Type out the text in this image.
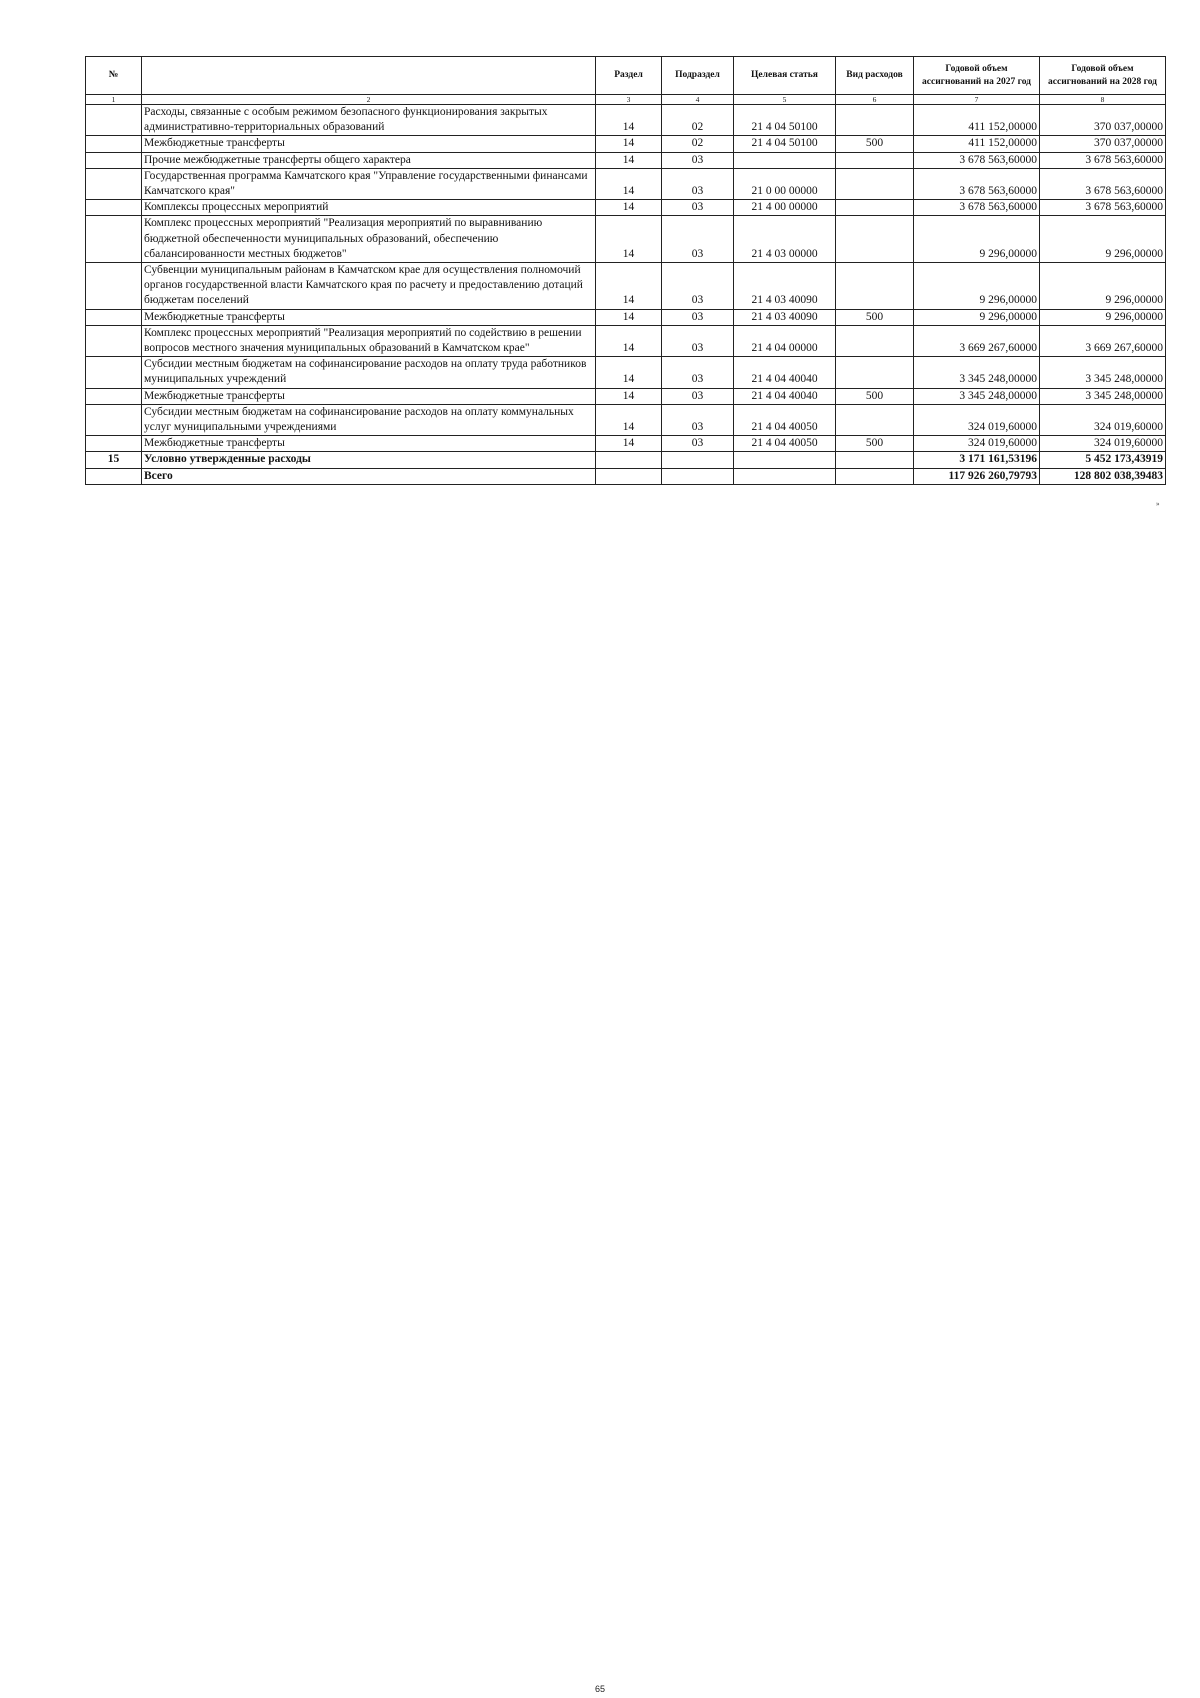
№		Раздел	Подраздел	Целевая статья	Вид расходов	Годовой объем ассигнований на 2027 год	Годовой объем ассигнований на 2028 год
1	2	3	4	5	6	7	8
	Расходы, связанные с особым режимом безопасного функционирования закрытых административно-территориальных образований	14	02	21 4 04 50100		411 152,00000	370 037,00000
	Межбюджетные трансферты	14	02	21 4 04 50100	500	411 152,00000	370 037,00000
	Прочие межбюджетные трансферты общего характера	14	03			3 678 563,60000	3 678 563,60000
	Государственная программа Камчатского края "Управление государственными финансами Камчатского края"	14	03	21 0 00 00000		3 678 563,60000	3 678 563,60000
	Комплексы процессных мероприятий	14	03	21 4 00 00000		3 678 563,60000	3 678 563,60000
	Комплекс процессных мероприятий "Реализация мероприятий по выравниванию бюджетной обеспеченности муниципальных образований, обеспечению сбалансированности местных бюджетов"	14	03	21 4 03 00000		9 296,00000	9 296,00000
	Субвенции муниципальным районам в Камчатском крае для осуществления полномочий органов государственной власти Камчатского края по расчету и предоставлению дотаций бюджетам поселений	14	03	21 4 03 40090		9 296,00000	9 296,00000
	Межбюджетные трансферты	14	03	21 4 03 40090	500	9 296,00000	9 296,00000
	Комплекс процессных мероприятий "Реализация мероприятий по содействию в решении вопросов местного значения муниципальных образований в Камчатском крае"	14	03	21 4 04 00000		3 669 267,60000	3 669 267,60000
	Субсидии местным бюджетам на софинансирование расходов на оплату труда работников муниципальных учреждений	14	03	21 4 04 40040		3 345 248,00000	3 345 248,00000
	Межбюджетные трансферты	14	03	21 4 04 40040	500	3 345 248,00000	3 345 248,00000
	Субсидии местным бюджетам на софинансирование расходов на оплату коммунальных услуг муниципальными учреждениями	14	03	21 4 04 40050		324 019,60000	324 019,60000
	Межбюджетные трансферты	14	03	21 4 04 40050	500	324 019,60000	324 019,60000
15	Условно утвержденные расходы					3 171 161,53196	5 452 173,43919
	Всего					117 926 260,79793	128 802 038,39483
»
65
